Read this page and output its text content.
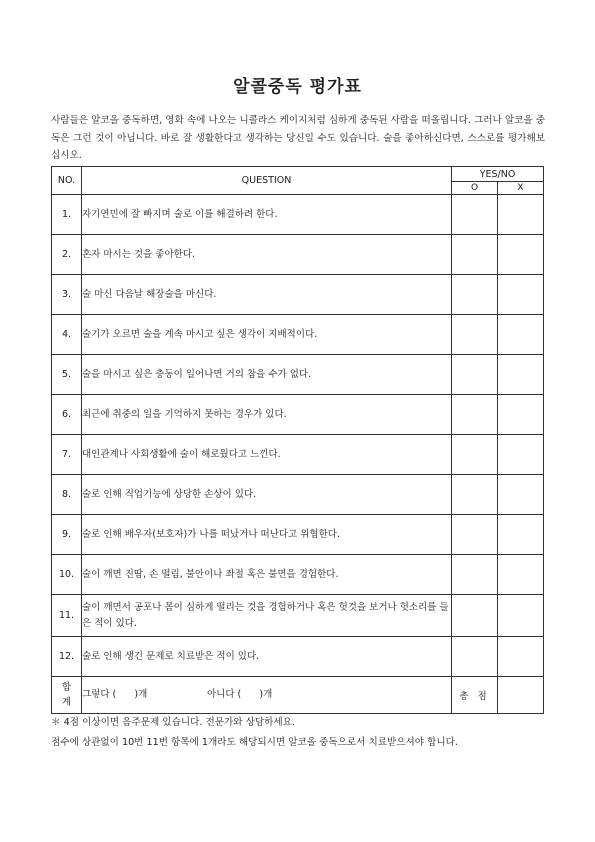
알콜중독 평가표
사람들은 알코올 중독하면, 영화 속에 나오는 니콜라스 케이지처럼 심하게 중독된 사람을 떠올립니다. 그러나 알코올 중독은 그런 것이 아닙니다. 바로 잘 생활한다고 생각하는 당신일 수도 있습니다. 술을 좋아하신다면, 스스로를 평가해보십시오.
NO.	QUESTION	YES/NO	
		O	X
1.	자기연민에 잘 빠지며 술로 이를 해결하려 한다.		
2.	혼자 마시는 것을 좋아한다.		
3.	술 마신 다음날 해장술을 마신다.		
4.	술기가 오르면 술을 계속 마시고 싶은 생각이 지배적이다.		
5.	술을 마시고 싶은 충동이 일어나면 거의 참을 수가 없다.		
6.	최근에 취중의 일을 기억하지 못하는 경우가 있다.		
7.	대인관계나 사회생활에 술이 해로웠다고 느낀다.		
8.	술로 인해 직업기능에 상당한 손상이 있다.		
9.	술로 인해 배우자(보호자)가 나를 떠났거나 떠난다고 위협한다.		
10.	술이 깨면 진땀, 손 떨림, 불안이나 좌절 혹은 불면을 경험한다.		
11.	술이 깨면서 공포나 몸이 심하게 떨리는 것을 경험하거나 혹은 헛것을 보거나 헛소리를 들은 적이 있다.		
12.	술로 인해 생긴 문제로 치료받은 적이 있다.		

합
계	그렇다 (      )개 아니다 (      )개	총 점	
＊ 4점 이상이면 음주문제 있습니다. 전문가와 상담하세요.
점수에 상관없이 10번 11번 항목에 1개라도 해당되시면 알코올 중독으로서 치료받으셔야 합니다.
